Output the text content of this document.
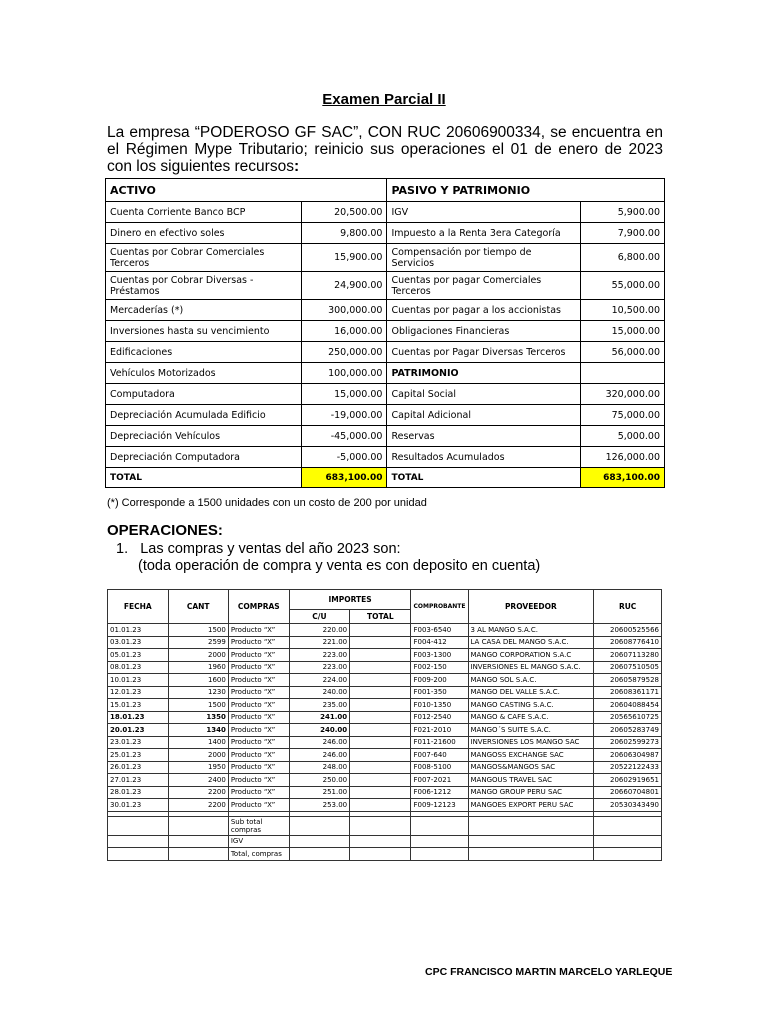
Examen Parcial II
La empresa “PODEROSO GF SAC”, CON RUC 20606900334, se encuentra en el Régimen Mype Tributario; reinicio sus operaciones el 01 de enero de 2023 con los siguientes recursos:
ACTIVO		PASIVO Y PATRIMONIO	
Cuenta Corriente Banco BCP	20,500.00	IGV	5,900.00
Dinero en efectivo soles	9,800.00	Impuesto a la Renta 3era Categoría	7,900.00
Cuentas por Cobrar Comerciales Terceros	15,900.00	Compensación por tiempo de Servicios	6,800.00
Cuentas por Cobrar Diversas - Préstamos	24,900.00	Cuentas por pagar Comerciales Terceros	55,000.00
Mercaderías (*)	300,000.00	Cuentas por pagar a los accionistas	10,500.00
Inversiones hasta su vencimiento	16,000.00	Obligaciones Financieras	15,000.00
Edificaciones	250,000.00	Cuentas por Pagar Diversas Terceros	56,000.00
Vehículos Motorizados	100,000.00	PATRIMONIO	
Computadora	15,000.00	Capital Social	320,000.00
Depreciación Acumulada Edificio	-19,000.00	Capital Adicional	75,000.00
Depreciación Vehículos	-45,000.00	Reservas	5,000.00
Depreciación Computadora	-5,000.00	Resultados Acumulados	126,000.00
TOTAL	683,100.00	TOTAL	683,100.00
(*) Corresponde a 1500 unidades con un costo de 200 por unidad
OPERACIONES:
1. Las compras y ventas del año 2023 son:
(toda operación de compra y venta es con deposito en cuenta)
FECHA	CANT	COMPRAS	IMPORTES		COMPROBANTE	PROVEEDOR	RUC
			C/U	TOTAL			
01.01.23	1500	Producto “X”	220.00		F003-6540	3 AL MANGO S.A.C.	20600525566
03.01.23	2599	Producto “X”	221.00		F004-412	LA CASA DEL MANGO S.A.C.	20608776410
05.01.23	2000	Producto “X”	223.00		F003-1300	MANGO CORPORATION S.A.C	20607113280
08.01.23	1960	Producto “X”	223.00		F002-150	INVERSIONES EL MANGO S.A.C.	20607510505
10.01.23	1600	Producto “X”	224.00		F009-200	MANGO SOL S.A.C.	20605879528
12.01.23	1230	Producto “X”	240.00		F001-350	MANGO DEL VALLE S.A.C.	20608361171
15.01.23	1500	Producto “X”	235.00		F010-1350	MANGO CASTING S.A.C.	20604088454
18.01.23	1350	Producto “X”	241.00		F012-2540	MANGO & CAFE S.A.C.	20565610725
20.01.23	1340	Producto “X”	240.00		F021-2010	MANGO´S SUITE S.A.C.	20605283749
23.01.23	1400	Producto “X”	246.00		F011-21600	INVERSIONES LOS MANGO SAC	20602599273
25.01.23	2000	Producto “X”	246.00		F007-640	MANGOSS EXCHANGE SAC	20606304987
26.01.23	1950	Producto “X”	248.00		F008-5100	MANGOS&MANGOS SAC	20522122433
27.01.23	2400	Producto “X”	250.00		F007-2021	MANGOUS TRAVEL SAC	20602919651
28.01.23	2200	Producto “X”	251.00		F006-1212	MANGO GROUP PERU SAC	20660704801
30.01.23	2200	Producto “X”	253.00		F009-12123	MANGOES EXPORT PERU SAC	20530343490

		Sub total
compras					

		IGV					
		Total, compras					
CPC FRANCISCO MARTIN MARCELO YARLEQUE
